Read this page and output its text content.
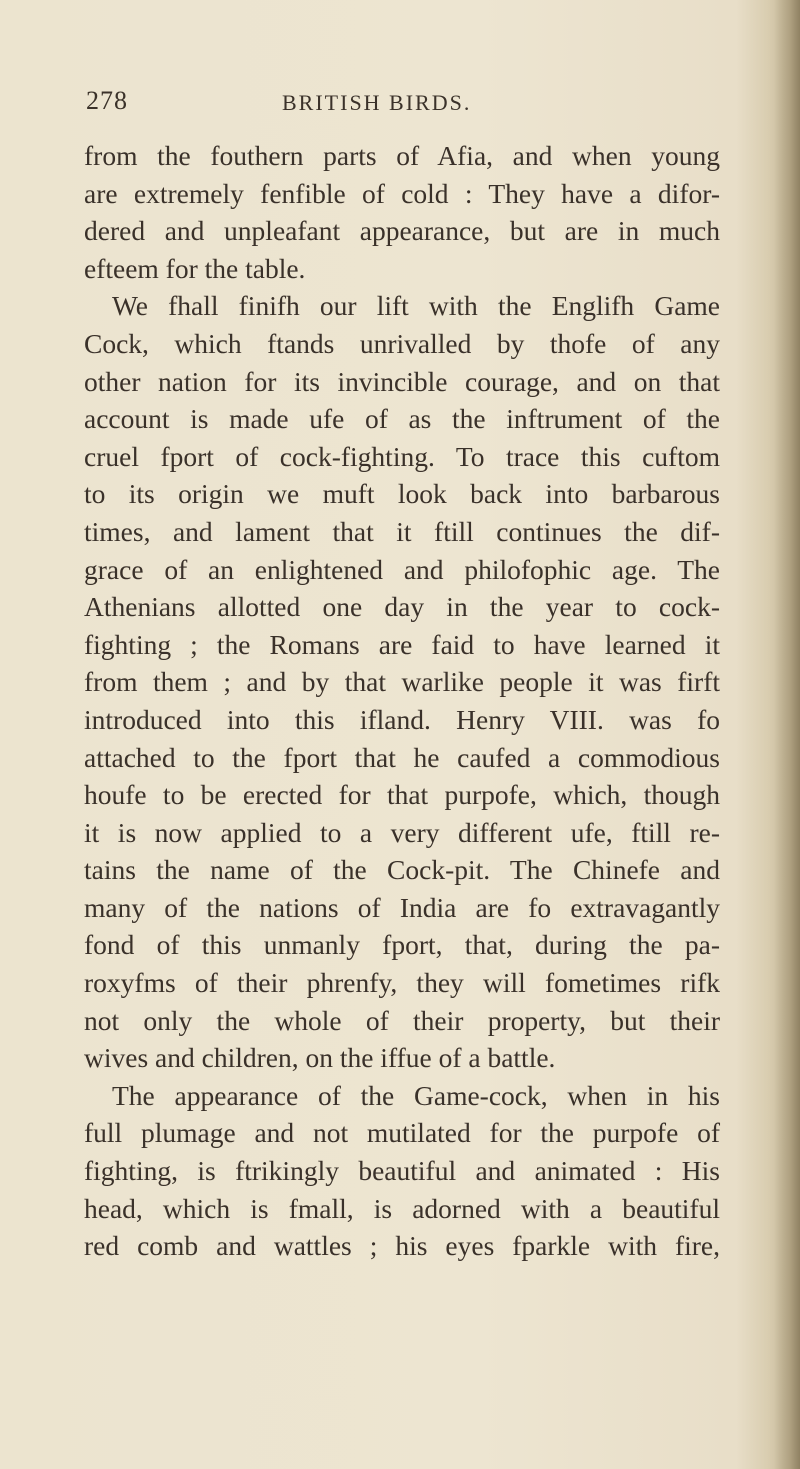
278	BRITISH BIRDS.
from the fouthern parts of Afia, and when young
are extremely fenfible of cold : They have a difor-
dered and unpleafant appearance, but are in much
efteem for the table.
We fhall finifh our lift with the Englifh Game
Cock, which ftands unrivalled by thofe of any
other nation for its invincible courage, and on that
account is made ufe of as the inftrument of the
cruel fport of cock-fighting. To trace this cuftom
to its origin we muft look back into barbarous
times, and lament that it ftill continues the dif-
grace of an enlightened and philofophic age. The
Athenians allotted one day in the year to cock-
fighting ; the Romans are faid to have learned it
from them ; and by that warlike people it was firft
introduced into this ifland. Henry VIII. was fo
attached to the fport that he caufed a commodious
houfe to be erected for that purpofe, which, though
it is now applied to a very different ufe, ftill re-
tains the name of the Cock-pit. The Chinefe and
many of the nations of India are fo extravagantly
fond of this unmanly fport, that, during the pa-
roxyfms of their phrenfy, they will fometimes rifk
not only the whole of their property, but their
wives and children, on the iffue of a battle.
The appearance of the Game-cock, when in his
full plumage and not mutilated for the purpofe of
fighting, is ftrikingly beautiful and animated : His
head, which is fmall, is adorned with a beautiful
red comb and wattles ; his eyes fparkle with fire,
